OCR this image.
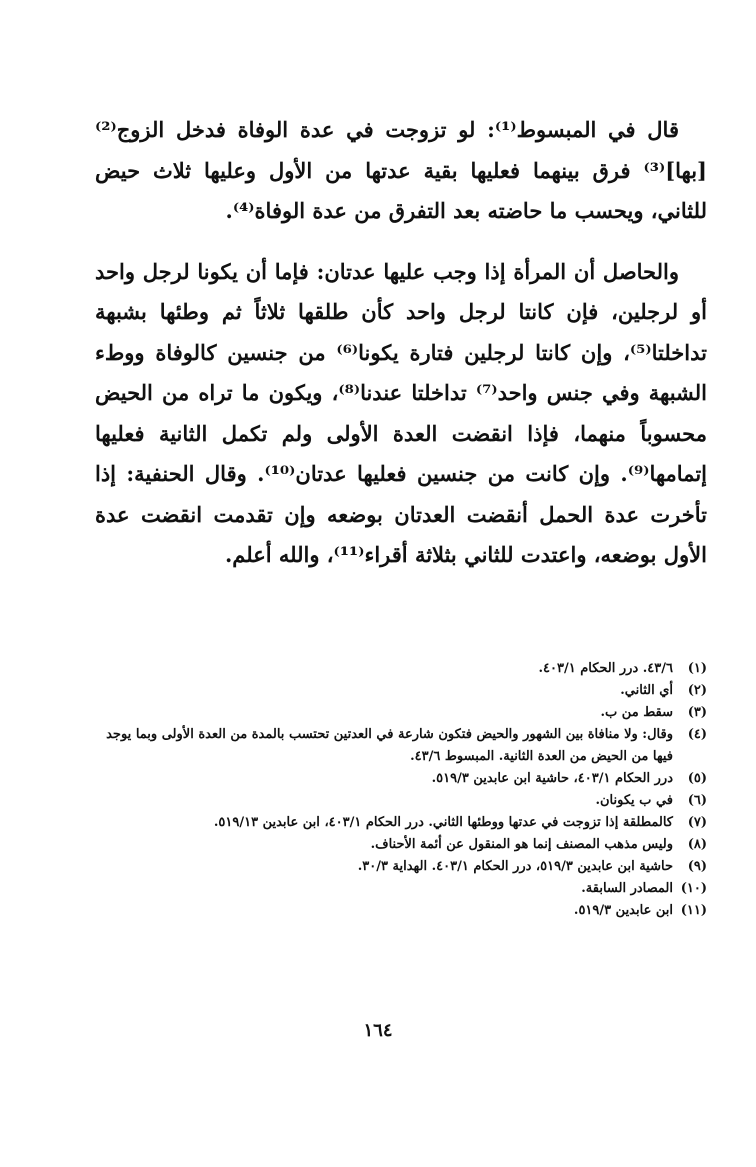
قال في المبسوط⁽¹⁾: لو تزوجت في عدة الوفاة فدخل الزوج⁽²⁾ [بها]⁽³⁾ فرق بينهما فعليها بقية عدتها من الأول وعليها ثلاث حيض للثاني، ويحسب ما حاضته بعد التفرق من عدة الوفاة⁽⁴⁾.

والحاصل أن المرأة إذا وجب عليها عدتان: فإما أن يكونا لرجل واحد أو لرجلين، فإن كانتا لرجل واحد كأن طلقها ثلاثاً ثم وطئها بشبهة تداخلتا⁽⁵⁾، وإن كانتا لرجلين فتارة يكونا⁽⁶⁾ من جنسين كالوفاة ووطء الشبهة وفي جنس واحد⁽⁷⁾ تداخلتا عندنا⁽⁸⁾، ويكون ما تراه من الحيض محسوباً منهما، فإذا انقضت العدة الأولى ولم تكمل الثانية فعليها إتمامها⁽⁹⁾. وإن كانت من جنسين فعليها عدتان⁽¹⁰⁾. وقال الحنفية: إذا تأخرت عدة الحمل أنقضت العدتان بوضعه وإن تقدمت انقضت عدة الأول بوضعه، واعتدت للثاني بثلاثة أقراء⁽¹¹⁾، والله أعلم.

(١)
٤٣/٦. درر الحكام ٤٠٣/١.
(٢)
أي الثاني.
(٣)
سقط من ب.
(٤)
وقال: ولا منافاة بين الشهور والحيض فتكون شارعة في العدتين تحتسب بالمدة من العدة الأولى وبما يوجد فيها من الحيض من العدة الثانية. المبسوط ٤٣/٦.
(٥)
درر الحكام ٤٠٣/١، حاشية ابن عابدين ٥١٩/٣.
(٦)
في ب يكونان.
(٧)
كالمطلقة إذا تزوجت في عدتها ووطئها الثاني. درر الحكام ٤٠٣/١، ابن عابدين ٥١٩/١٣.
(٨)
وليس مذهب المصنف إنما هو المنقول عن أئمة الأحناف.
(٩)
حاشية ابن عابدين ٥١٩/٣، درر الحكام ٤٠٣/١. الهداية ٣٠/٣.
(١٠)
المصادر السابقة.
(١١)
ابن عابدين ٥١٩/٣.
١٦٤
